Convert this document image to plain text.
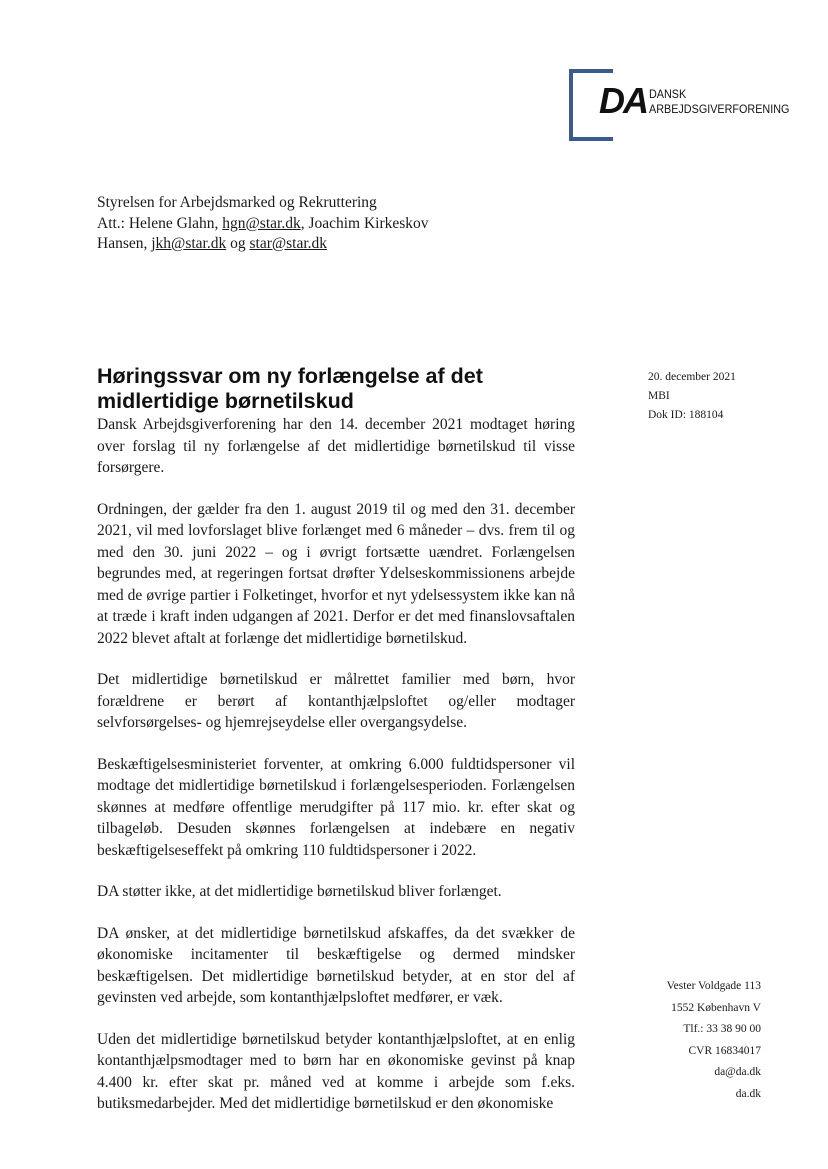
DA DANSK
ARBEJDSGIVERFORENING
Styrelsen for Arbejdsmarked og Rekruttering
Att.: Helene Glahn, hgn@star.dk, Joachim Kirkeskov
Hansen, jkh@star.dk og star@star.dk
20. december 2021
MBI
Dok ID: 188104
Høringssvar om ny forlængelse af det midlertidige børnetilskud

Dansk Arbejdsgiverforening har den 14. december 2021 modtaget høring over forslag til ny forlængelse af det midlertidige børnetilskud til visse forsørgere.

Ordningen, der gælder fra den 1. august 2019 til og med den 31. december 2021, vil med lovforslaget blive forlænget med 6 måneder – dvs. frem til og med den 30. juni 2022 – og i øvrigt fortsætte uændret. Forlængelsen begrundes med, at regeringen fortsat drøfter Ydelseskommissionens arbejde med de øvrige partier i Folketinget, hvorfor et nyt ydelsessystem ikke kan nå at træde i kraft inden udgangen af 2021. Derfor er det med finanslovsaftalen 2022 blevet aftalt at forlænge det midlertidige børnetilskud.

Det midlertidige børnetilskud er målrettet familier med børn, hvor forældrene er berørt af kontanthjælpsloftet og/eller modtager selvforsørgelses- og hjemrejseydelse eller overgangsydelse.

Beskæftigelsesministeriet forventer, at omkring 6.000 fuldtidspersoner vil modtage det midlertidige børnetilskud i forlængelsesperioden. Forlængelsen skønnes at medføre offentlige merudgifter på 117 mio. kr. efter skat og tilbageløb. Desuden skønnes forlængelsen at indebære en negativ beskæftigelseseffekt på omkring 110 fuldtidspersoner i 2022.

DA støtter ikke, at det midlertidige børnetilskud bliver forlænget.

DA ønsker, at det midlertidige børnetilskud afskaffes, da det svækker de økonomiske incitamenter til beskæftigelse og dermed mindsker beskæftigelsen. Det midlertidige børnetilskud betyder, at en stor del af gevinsten ved arbejde, som kontanthjælpsloftet medfører, er væk.

Uden det midlertidige børnetilskud betyder kontanthjælpsloftet, at en enlig kontanthjælpsmodtager med to børn har en økonomiske gevinst på knap 4.400 kr. efter skat pr. måned ved at komme i arbejde som f.eks. butiksmedarbejder. Med det midlertidige børnetilskud er den økonomiske

Vester Voldgade 113
1552 København V
Tlf.: 33 38 90 00
CVR 16834017
da@da.dk
da.dk
